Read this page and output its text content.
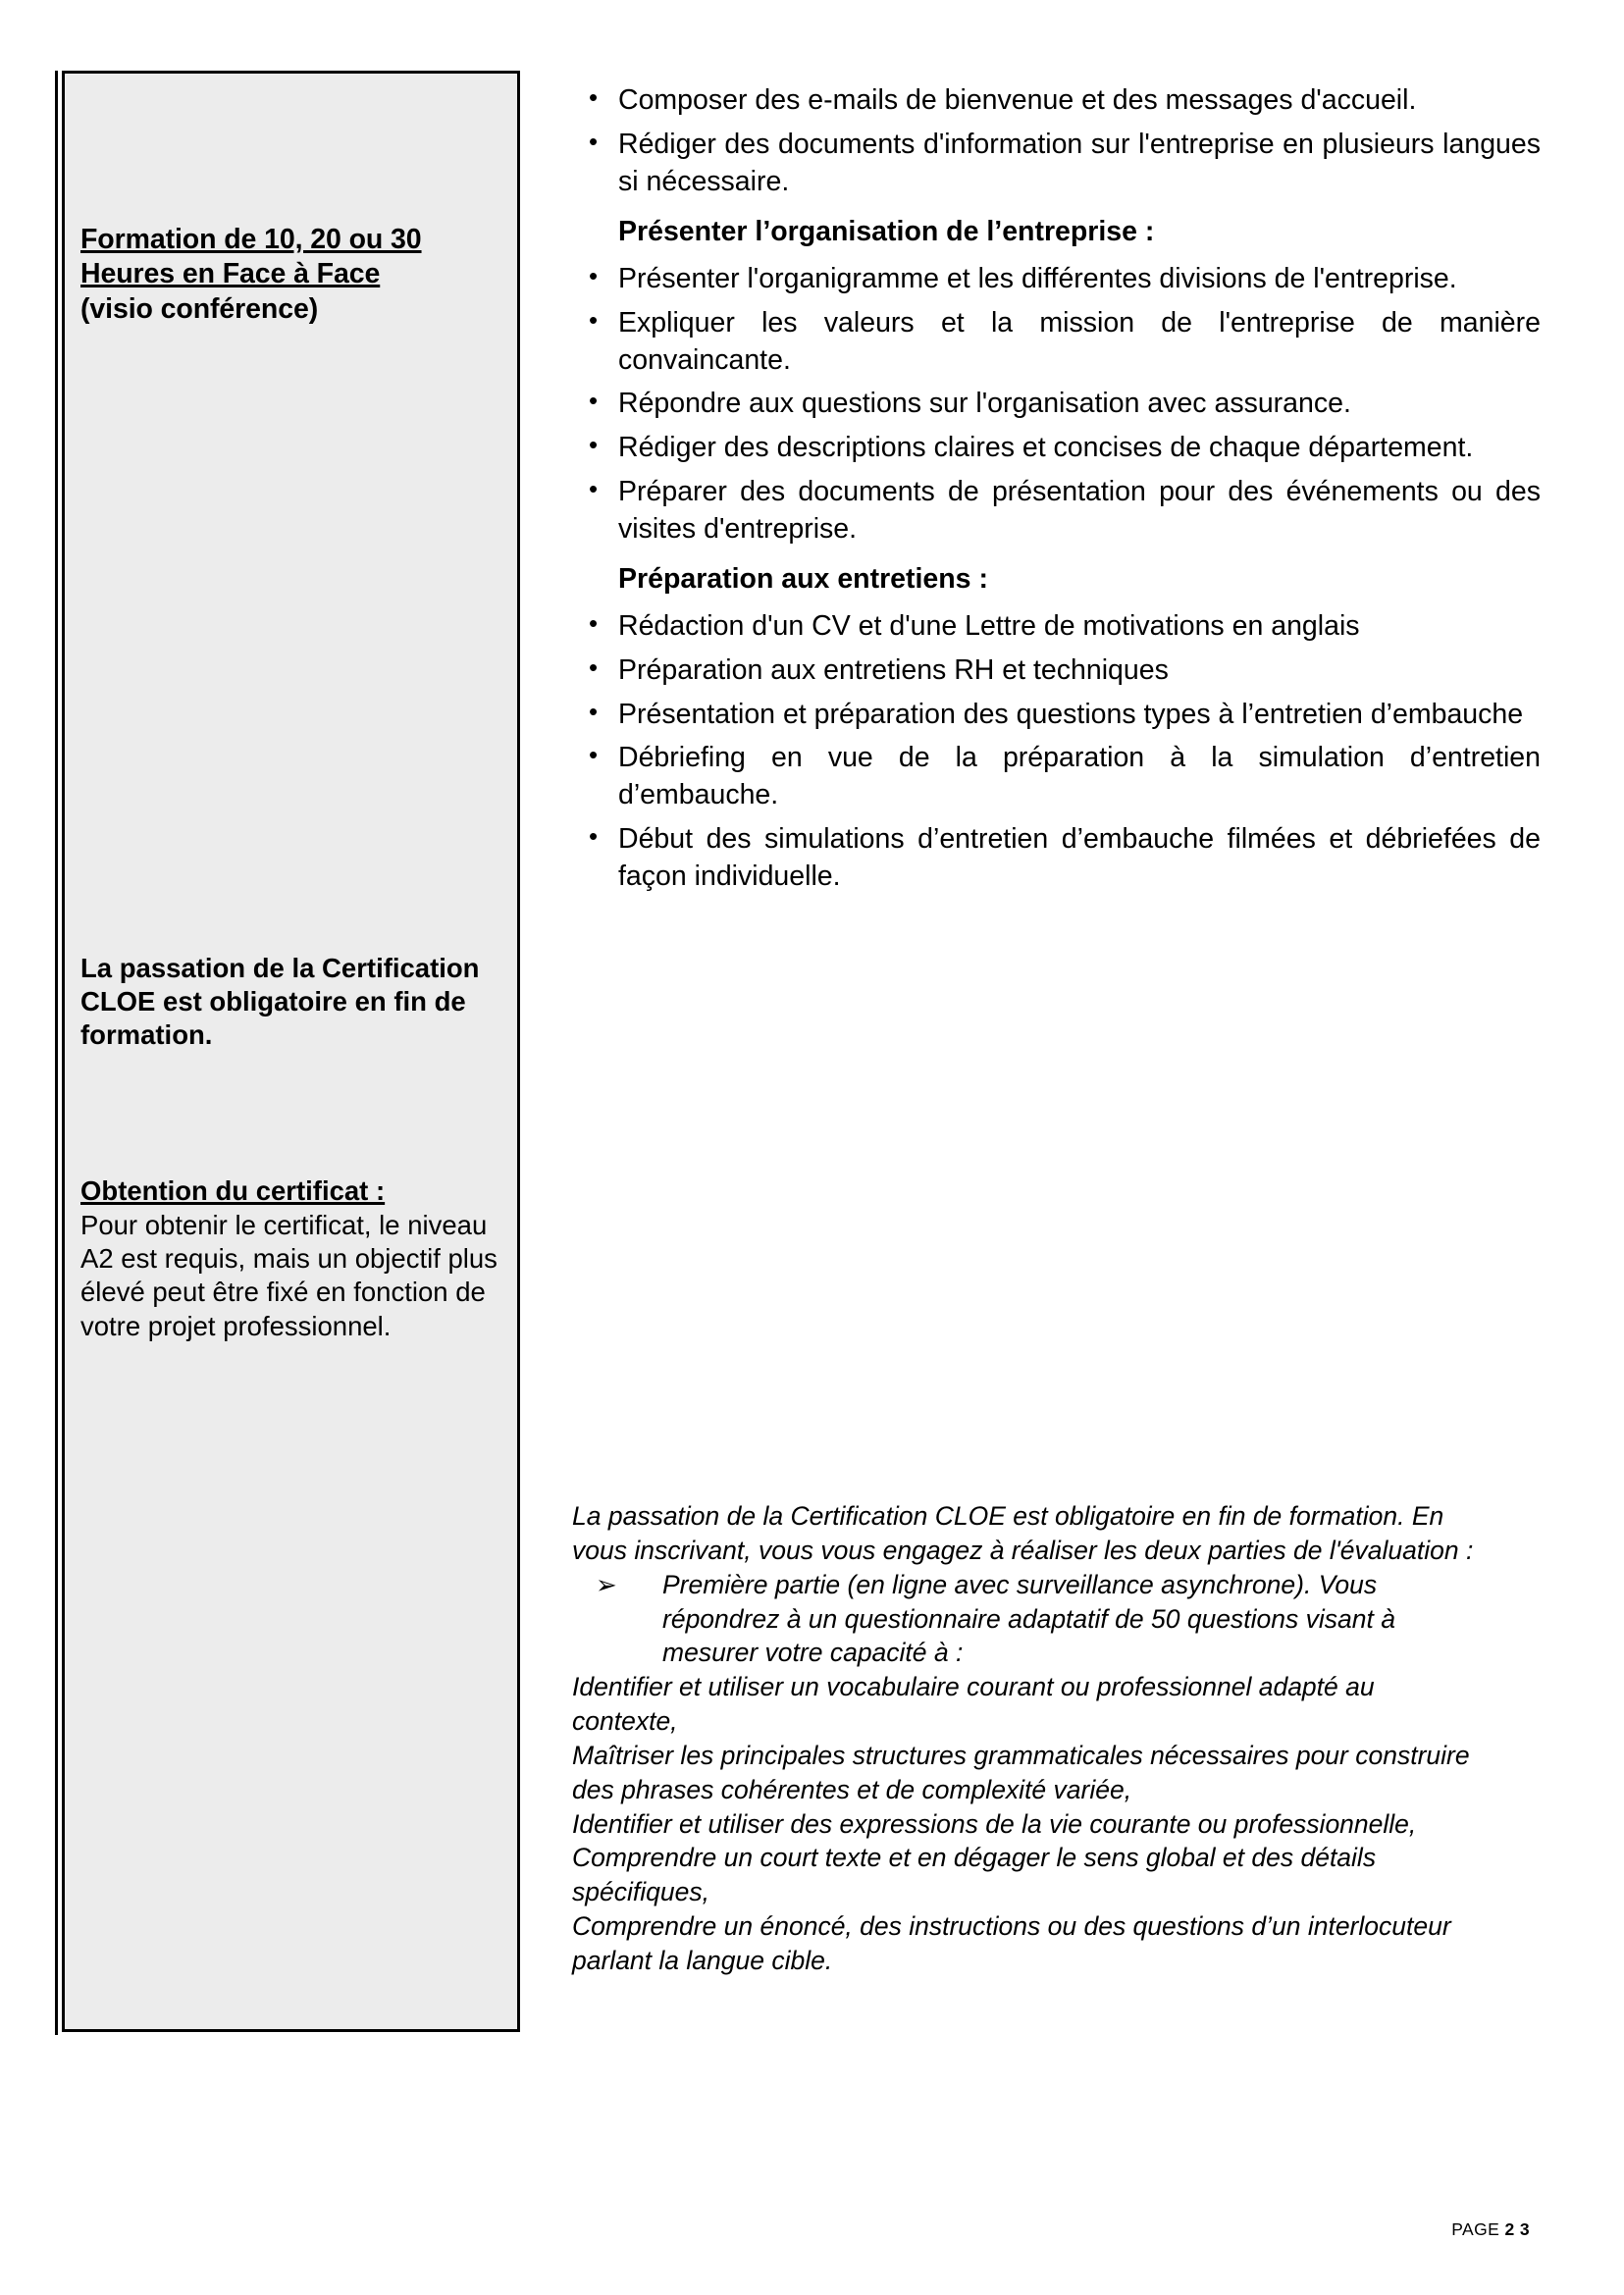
Formation de 10, 20 ou 30
Heures en Face à Face
(visio conférence)
La passation de la Certification CLOE est obligatoire en fin de formation.
Obtention du certificat :
Pour obtenir le certificat, le niveau A2 est requis, mais un objectif plus élevé peut être fixé en fonction de votre projet professionnel.
• Composer des e-mails de bienvenue et des messages d'accueil.
• Rédiger des documents d'information sur l'entreprise en plusieurs langues si nécessaire.
Présenter l’organisation de l’entreprise :
• Présenter l'organigramme et les différentes divisions de l'entreprise.
• Expliquer les valeurs et la mission de l'entreprise de manière convaincante.
• Répondre aux questions sur l'organisation avec assurance.
• Rédiger des descriptions claires et concises de chaque département.
• Préparer des documents de présentation pour des événements ou des visites d'entreprise.
Préparation aux entretiens :
• Rédaction d'un CV et d'une Lettre de motivations en anglais
• Préparation aux entretiens RH et techniques
• Présentation et préparation des questions types à l’entretien d’embauche
• Débriefing en vue de la préparation à la simulation d’entretien d’embauche.
• Début des simulations d’entretien d’embauche filmées et débriefées de façon individuelle.

La passation de la Certification CLOE est obligatoire en fin de formation. En vous inscrivant, vous vous engagez à réaliser les deux parties de l'évaluation :

➢ Première partie (en ligne avec surveillance asynchrone). Vous répondrez à un questionnaire adaptatif de 50 questions visant à mesurer votre capacité à :

Identifier et utiliser un vocabulaire courant ou professionnel adapté au contexte,

Maîtriser les principales structures grammaticales nécessaires pour construire des phrases cohérentes et de complexité variée,

Identifier et utiliser des expressions de la vie courante ou professionnelle,

Comprendre un court texte et en dégager le sens global et des détails spécifiques,

Comprendre un énoncé, des instructions ou des questions d’un interlocuteur parlant la langue cible.

PAGE 2 3
